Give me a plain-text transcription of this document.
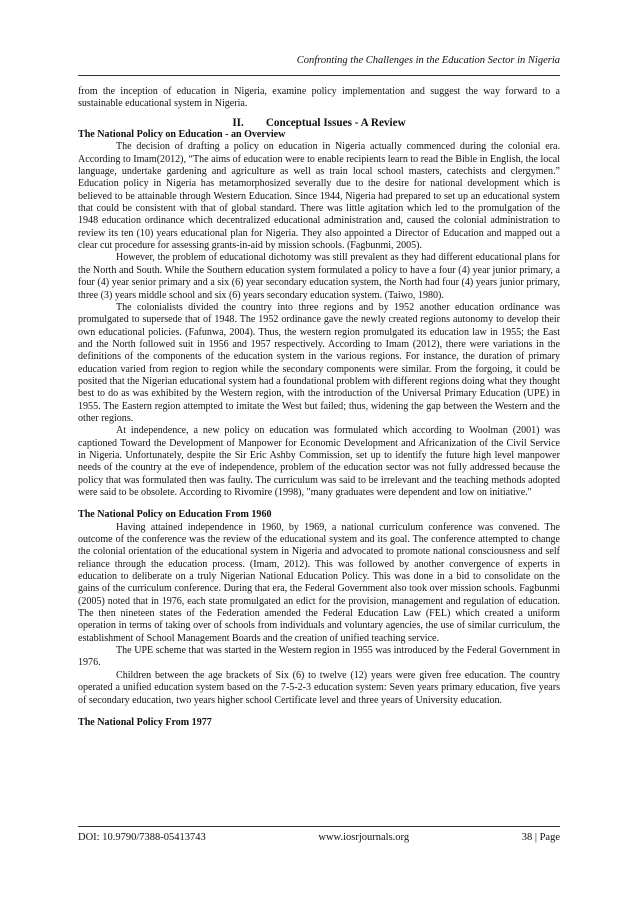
Confronting the Challenges in the Education Sector in Nigeria

from the inception of education in Nigeria, examine policy implementation and suggest the way forward to a sustainable educational system in Nigeria.

II. Conceptual Issues - A Review

The National Policy on Education - an Overview

The decision of drafting a policy on education in Nigeria actually commenced during the colonial era. According to Imam(2012), “The aims of education were to enable recipients learn to read the Bible in English, the local language, undertake gardening and agriculture as well as train local school masters, catechists and clergymen.” Education policy in Nigeria has metamorphosized severally due to the desire for national development which is believed to be attainable through Western Education. Since 1944, Nigeria had prepared to set up an educational system that could be consistent with that of global standard. There was little agitation which led to the promulgation of the 1948 education ordinance which decentralized educational administration and, caused the colonial administration to review its ten (10) years educational plan for Nigeria. They also appointed a Director of Education and mapped out a clear cut procedure for assessing grants-in-aid by mission schools. (Fagbunmi, 2005).

However, the problem of educational dichotomy was still prevalent as they had different educational plans for the North and South. While the Southern education system formulated a policy to have a four (4) year junior primary, a four (4) year senior primary and a six (6) year secondary education system, the North had four (4) years junior primary, three (3) years middle school and six (6) years secondary education system. (Taiwo, 1980).

The colonialists divided the country into three regions and by 1952 another education ordinance was promulgated to supersede that of 1948. The 1952 ordinance gave the newly created regions autonomy to develop their own educational policies. (Fafunwa, 2004). Thus, the western region promulgated its education law in 1955; the East and the North followed suit in 1956 and 1957 respectively. According to Imam (2012), there were variations in the definitions of the components of the education system in the various regions. For instance, the duration of primary education varied from region to region while the secondary components were similar. From the forgoing, it could be posited that the Nigerian educational system had a foundational problem with different regions doing what they thought best to do as was exhibited by the Western region, with the introduction of the Universal Primary Education (UPE) in 1955. The Eastern region attempted to imitate the West but failed; thus, widening the gap between the Western and the other regions.

At independence, a new policy on education was formulated which according to Woolman (2001) was captioned Toward the Development of Manpower for Economic Development and Africanization of the Civil Service in Nigeria. Unfortunately, despite the Sir Eric Ashby Commission, set up to identify the future high level manpower needs of the country at the eve of independence, problem of the education sector was not fully addressed because the policy that was formulated then was faulty. The curriculum was said to be irrelevant and the teaching methods adopted were said to be obsolete. According to Rivomire (1998), "many graduates were dependent and low on initiative."

The National Policy on Education From 1960

Having attained independence in 1960, by 1969, a national curriculum conference was convened. The outcome of the conference was the review of the educational system and its goal. The conference attempted to change the colonial orientation of the educational system in Nigeria and advocated to promote national consciousness and self reliance through the education process. (Imam, 2012). This was followed by another convergence of experts in education to deliberate on a truly Nigerian National Education Policy. This was done in a bid to consolidate on the gains of the curriculum conference. During that era, the Federal Government also took over mission schools. Fagbunmi (2005) noted that in 1976, each state promulgated an edict for the provision, management and regulation of education. The then nineteen states of the Federation amended the Federal Education Law (FEL) which created a uniform operation in terms of taking over of schools from individuals and voluntary agencies, the use of similar curriculum, the establishment of School Management Boards and the creation of unified teaching service.

The UPE scheme that was started in the Western region in 1955 was introduced by the Federal Government in 1976.

Children between the age brackets of Six (6) to twelve (12) years were given free education. The country operated a unified education system based on the 7-5-2-3 education system: Seven years primary education, five years of secondary education, two years higher school Certificate level and three years of University education.

The National Policy From 1977

DOI: 10.9790/7388-05413743	www.iosrjournals.org	38 | Page
